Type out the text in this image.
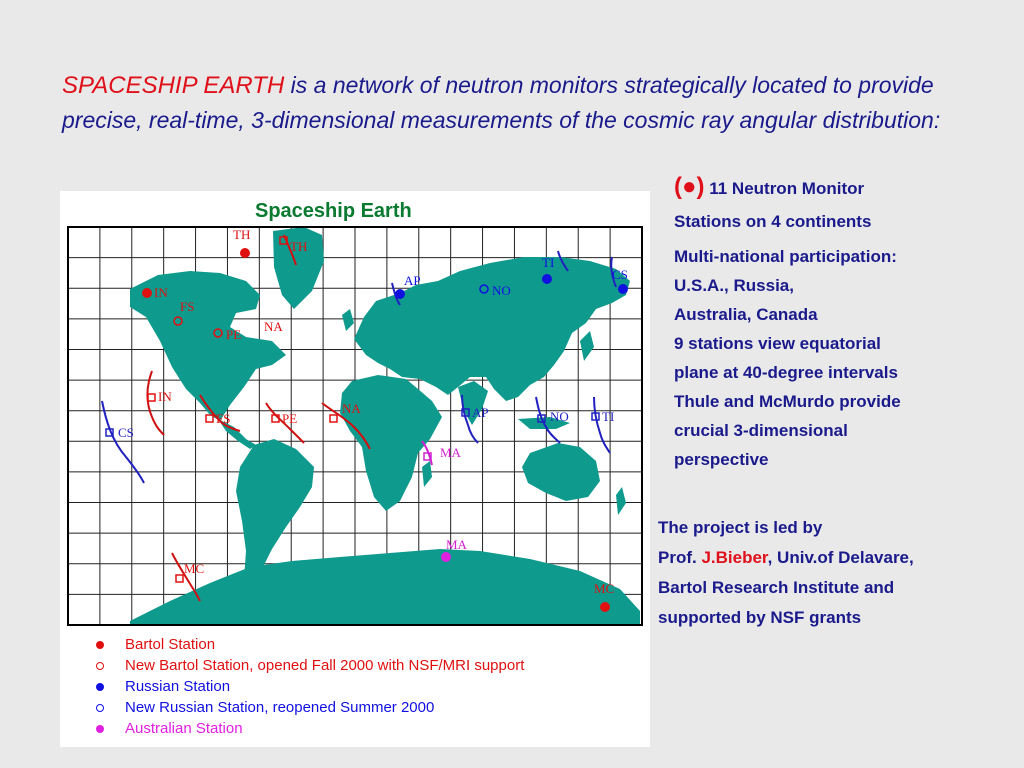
SPACESHIP EARTH is a network of neutron monitors strategically located to provide precise, real-time, 3-dimensional measurements of the cosmic ray angular distribution:
Spaceship Earth
TH
TH
AP
NO
TI
CS
IN
FS
PE
NA
CS
IN
FS	PE
NA
MA
AP	NO	TI
MA
MC
MC
Bartol Station
New Bartol Station, opened Fall 2000 with NSF/MRI support
Russian Station
New Russian Station, reopened Summer 2000
Australian Station
(●) 11 Neutron Monitor
Stations on 4 continents
Multi-national participation:
U.S.A., Russia,
Australia, Canada
9 stations view equatorial
plane at 40-degree intervals
Thule and McMurdo provide
crucial 3-dimensional
perspective
The project is led by
Prof. J.Bieber, Univ.of Delavare,
Bartol Research Institute and
supported by NSF grants
